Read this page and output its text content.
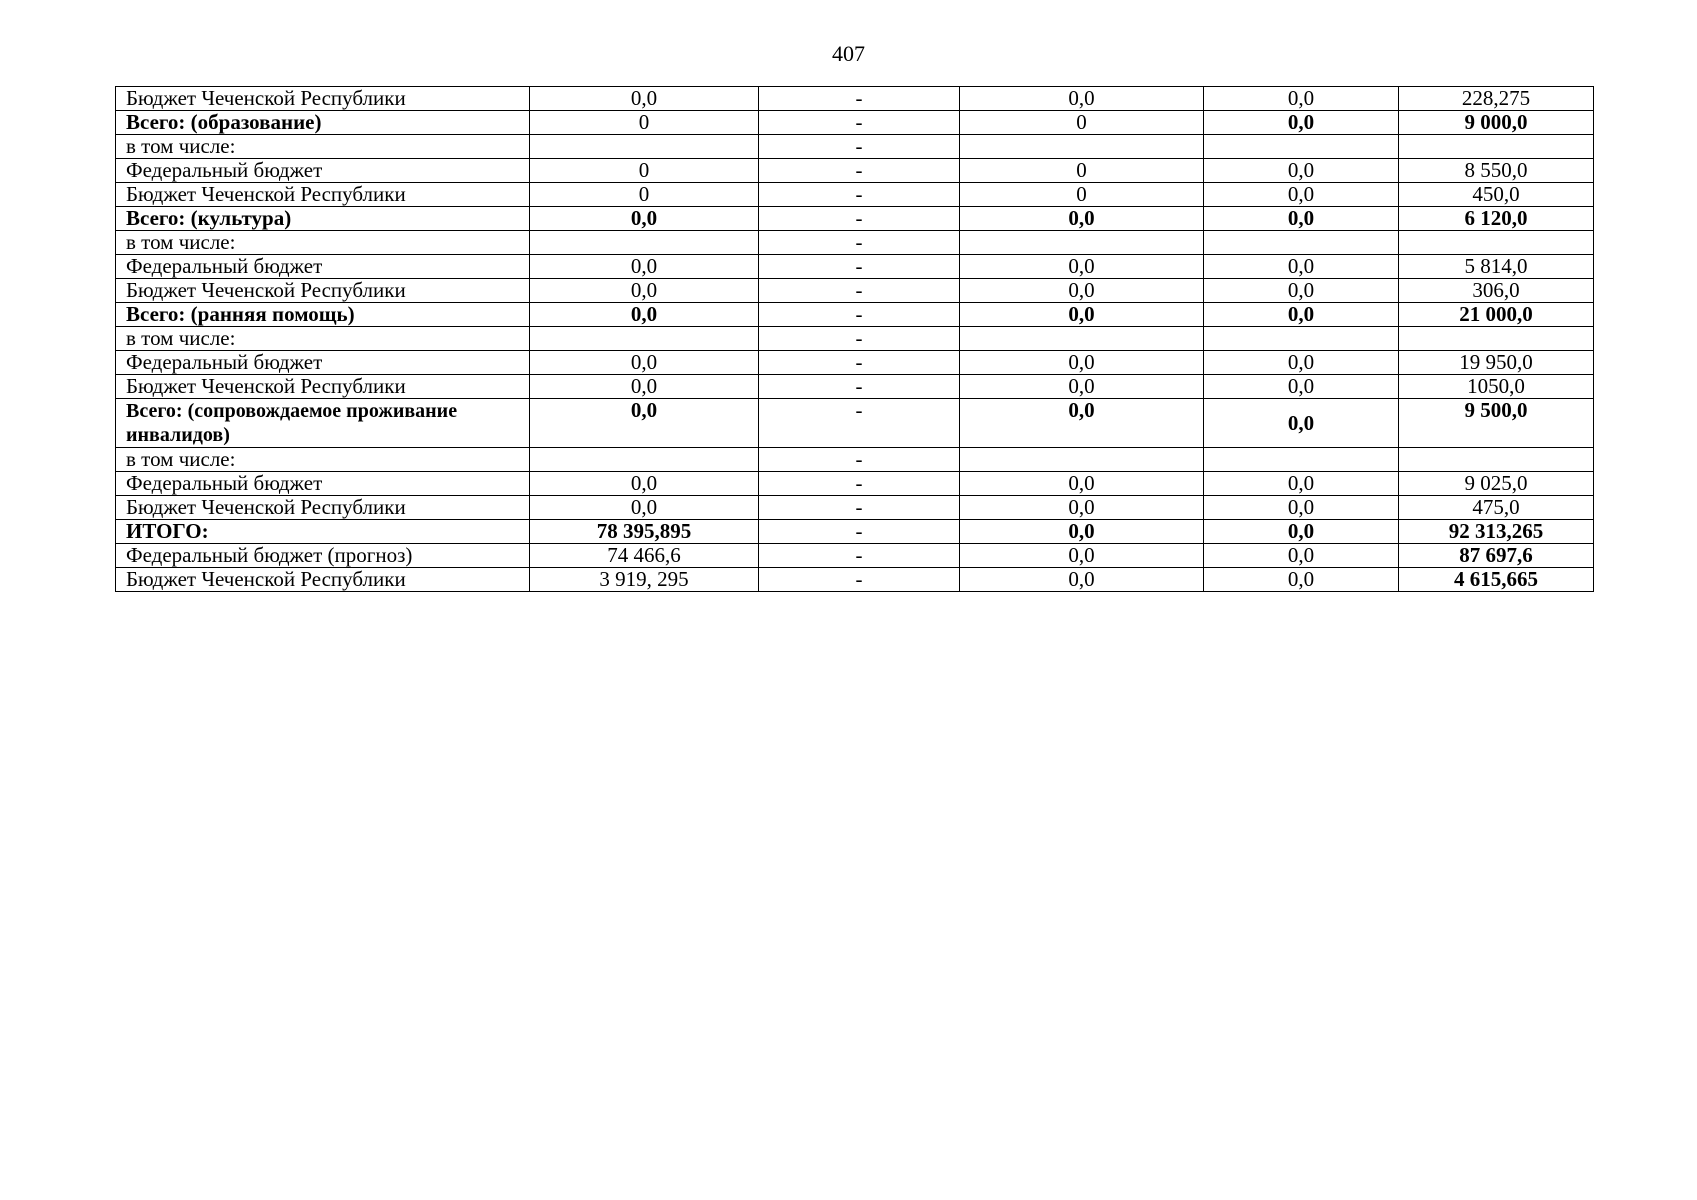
407
Бюджет Чеченской Республики	0,0	-	0,0	0,0	228,275
Всего: (образование)	0	-	0	0,0	9 000,0
в том числе:		-			
Федеральный бюджет	0	-	0	0,0	8 550,0
Бюджет Чеченской Республики	0	-	0	0,0	450,0
Всего: (культура)	0,0	-	0,0	0,0	6 120,0
в том числе:		-			
Федеральный бюджет	0,0	-	0,0	0,0	5 814,0
Бюджет Чеченской Республики	0,0	-	0,0	0,0	306,0
Всего: (ранняя помощь)	0,0	-	0,0	0,0	21 000,0
в том числе:		-			
Федеральный бюджет	0,0	-	0,0	0,0	19 950,0
Бюджет Чеченской Республики	0,0	-	0,0	0,0	1050,0
Всего: (сопровождаемое проживание инвалидов)	0,0	-	0,0	0,0	9 500,0
в том числе:		-			
Федеральный бюджет	0,0	-	0,0	0,0	9 025,0
Бюджет Чеченской Республики	0,0	-	0,0	0,0	475,0
ИТОГО:	78 395,895	-	0,0	0,0	92 313,265
Федеральный бюджет (прогноз)	74 466,6	-	0,0	0,0	87 697,6
Бюджет Чеченской Республики	3 919, 295	-	0,0	0,0	4 615,665
